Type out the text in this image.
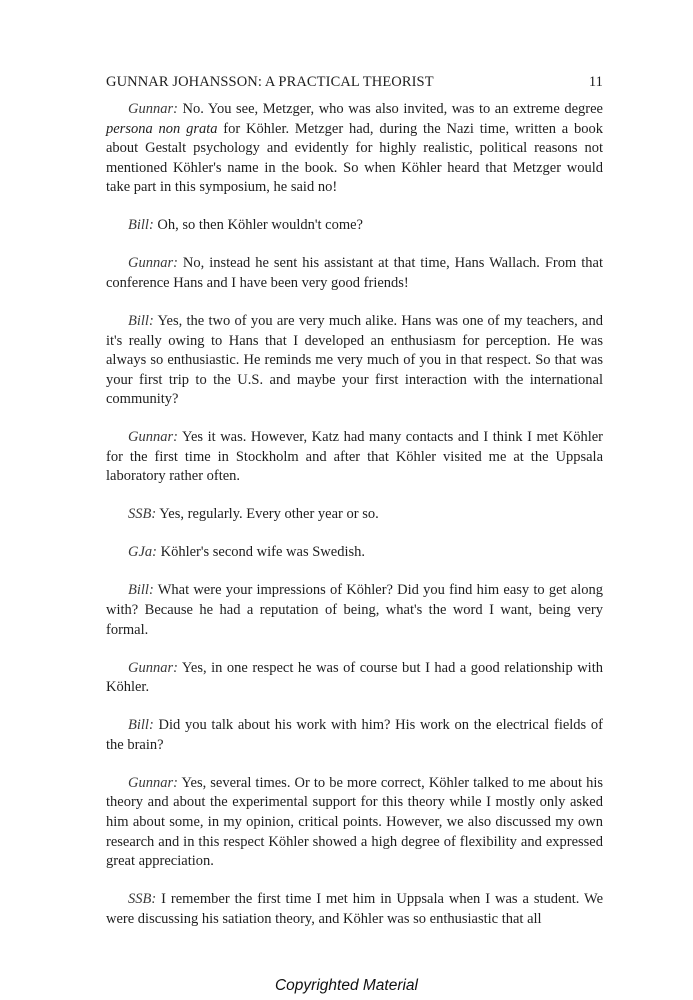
GUNNAR JOHANSSON: A PRACTICAL THEORIST	11

Gunnar: No. You see, Metzger, who was also invited, was to an extreme degree persona non grata for Köhler. Metzger had, during the Nazi time, written a book about Gestalt psychology and evidently for highly realistic, political reasons not mentioned Köhler's name in the book. So when Köhler heard that Metzger would take part in this symposium, he said no!

Bill: Oh, so then Köhler wouldn't come?

Gunnar: No, instead he sent his assistant at that time, Hans Wallach. From that conference Hans and I have been very good friends!

Bill: Yes, the two of you are very much alike. Hans was one of my teachers, and it's really owing to Hans that I developed an enthusiasm for perception. He was always so enthusiastic. He reminds me very much of you in that respect. So that was your first trip to the U.S. and maybe your first interaction with the international community?

Gunnar: Yes it was. However, Katz had many contacts and I think I met Köhler for the first time in Stockholm and after that Köhler visited me at the Uppsala laboratory rather often.

SSB: Yes, regularly. Every other year or so.

GJa: Köhler's second wife was Swedish.

Bill: What were your impressions of Köhler? Did you find him easy to get along with? Because he had a reputation of being, what's the word I want, being very formal.

Gunnar: Yes, in one respect he was of course but I had a good relationship with Köhler.

Bill: Did you talk about his work with him? His work on the electrical fields of the brain?

Gunnar: Yes, several times. Or to be more correct, Köhler talked to me about his theory and about the experimental support for this theory while I mostly only asked him about some, in my opinion, critical points. However, we also discussed my own research and in this respect Köhler showed a high degree of flexibility and expressed great appreciation.

SSB: I remember the first time I met him in Uppsala when I was a student. We were discussing his satiation theory, and Köhler was so enthusiastic that all

Copyrighted Material
